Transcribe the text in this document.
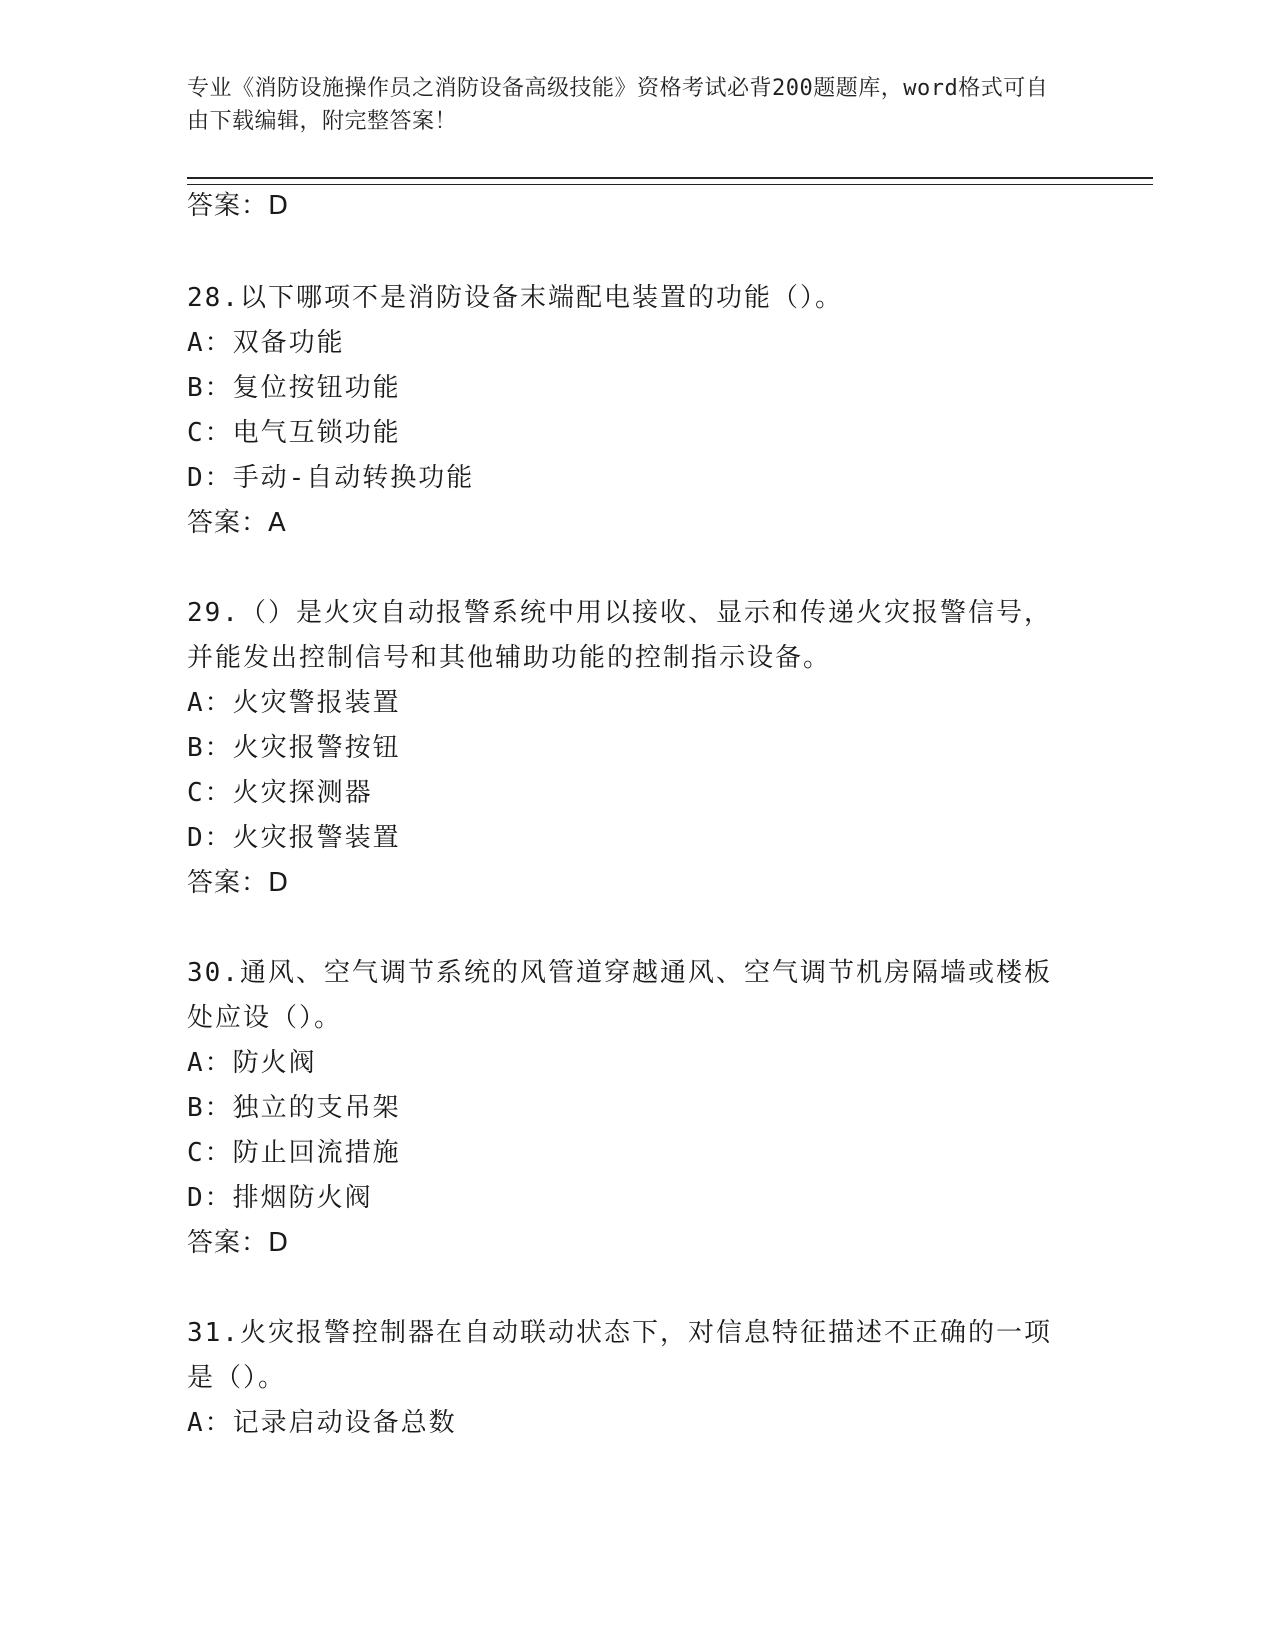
专业《消防设施操作员之消防设备高级技能》资格考试必背200题题库，word格式可自由下载编辑，附完整答案！
答案：D
28.以下哪项不是消防设备末端配电装置的功能（）。
A：双备功能
B：复位按钮功能
C：电气互锁功能
D：手动-自动转换功能
答案：A
29.（）是火灾自动报警系统中用以接收、显示和传递火灾报警信号，并能发出控制信号和其他辅助功能的控制指示设备。
A：火灾警报装置
B：火灾报警按钮
C：火灾探测器
D：火灾报警装置
答案：D
30.通风、空气调节系统的风管道穿越通风、空气调节机房隔墙或楼板处应设（）。
A：防火阀
B：独立的支吊架
C：防止回流措施
D：排烟防火阀
答案：D
31.火灾报警控制器在自动联动状态下，对信息特征描述不正确的一项是（）。
A：记录启动设备总数
